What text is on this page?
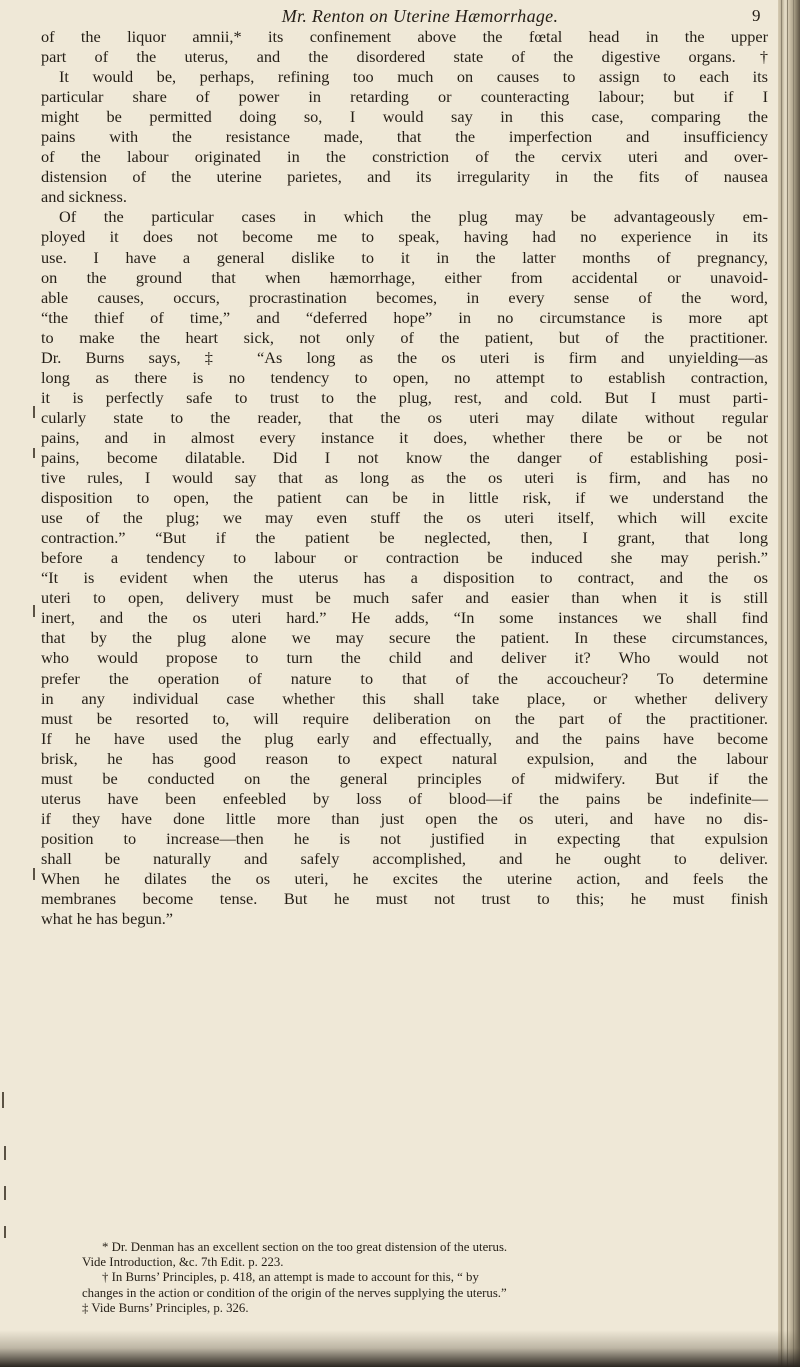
Mr. Renton on Uterine Hæmorrhage.	9
of the liquor amnii,* its confinement above the fœtal head in the upper
part of the uterus, and the disordered state of the digestive organs.†
It would be, perhaps, refining too much on causes to assign to each its
particular share of power in retarding or counteracting labour; but if I
might be permitted doing so, I would say in this case, comparing the
pains with the resistance made, that the imperfection and insufficiency
of the labour originated in the constriction of the cervix uteri and over-
distension of the uterine parietes, and its irregularity in the fits of nausea
and sickness.
Of the particular cases in which the plug may be advantageously em-
ployed it does not become me to speak, having had no experience in its
use. I have a general dislike to it in the latter months of pregnancy,
on the ground that when hæmorrhage, either from accidental or unavoid-
able causes, occurs, procrastination becomes, in every sense of the word,
“the thief of time,” and “deferred hope” in no circumstance is more apt
to make the heart sick, not only of the patient, but of the practitioner.
Dr. Burns says, ‡ “As long as the os uteri is firm and unyielding—as
long as there is no tendency to open, no attempt to establish contraction,
it is perfectly safe to trust to the plug, rest, and cold. But I must parti-
cularly state to the reader, that the os uteri may dilate without regular
pains, and in almost every instance it does, whether there be or be not
pains, become dilatable. Did I not know the danger of establishing posi-
tive rules, I would say that as long as the os uteri is firm, and has no
disposition to open, the patient can be in little risk, if we understand the
use of the plug; we may even stuff the os uteri itself, which will excite
contraction.” “But if the patient be neglected, then, I grant, that long
before a tendency to labour or contraction be induced she may perish.”
“It is evident when the uterus has a disposition to contract, and the os
uteri to open, delivery must be much safer and easier than when it is still
inert, and the os uteri hard.” He adds, “In some instances we shall find
that by the plug alone we may secure the patient. In these circumstances,
who would propose to turn the child and deliver it? Who would not
prefer the operation of nature to that of the accoucheur? To determine
in any individual case whether this shall take place, or whether delivery
must be resorted to, will require deliberation on the part of the practitioner.
If he have used the plug early and effectually, and the pains have become
brisk, he has good reason to expect natural expulsion, and the labour
must be conducted on the general principles of midwifery. But if the
uterus have been enfeebled by loss of blood—if the pains be indefinite—
if they have done little more than just open the os uteri, and have no dis-
position to increase—then he is not justified in expecting that expulsion
shall be naturally and safely accomplished, and he ought to deliver.
When he dilates the os uteri, he excites the uterine action, and feels the
membranes become tense. But he must not trust to this; he must finish
what he has begun.”
* Dr. Denman has an excellent section on the too great distension of the uterus.
Vide Introduction, &c. 7th Edit. p. 223.
† In Burns’ Principles, p. 418, an attempt is made to account for this, “ by
changes in the action or condition of the origin of the nerves supplying the uterus.”
‡ Vide Burns’ Principles, p. 326.
